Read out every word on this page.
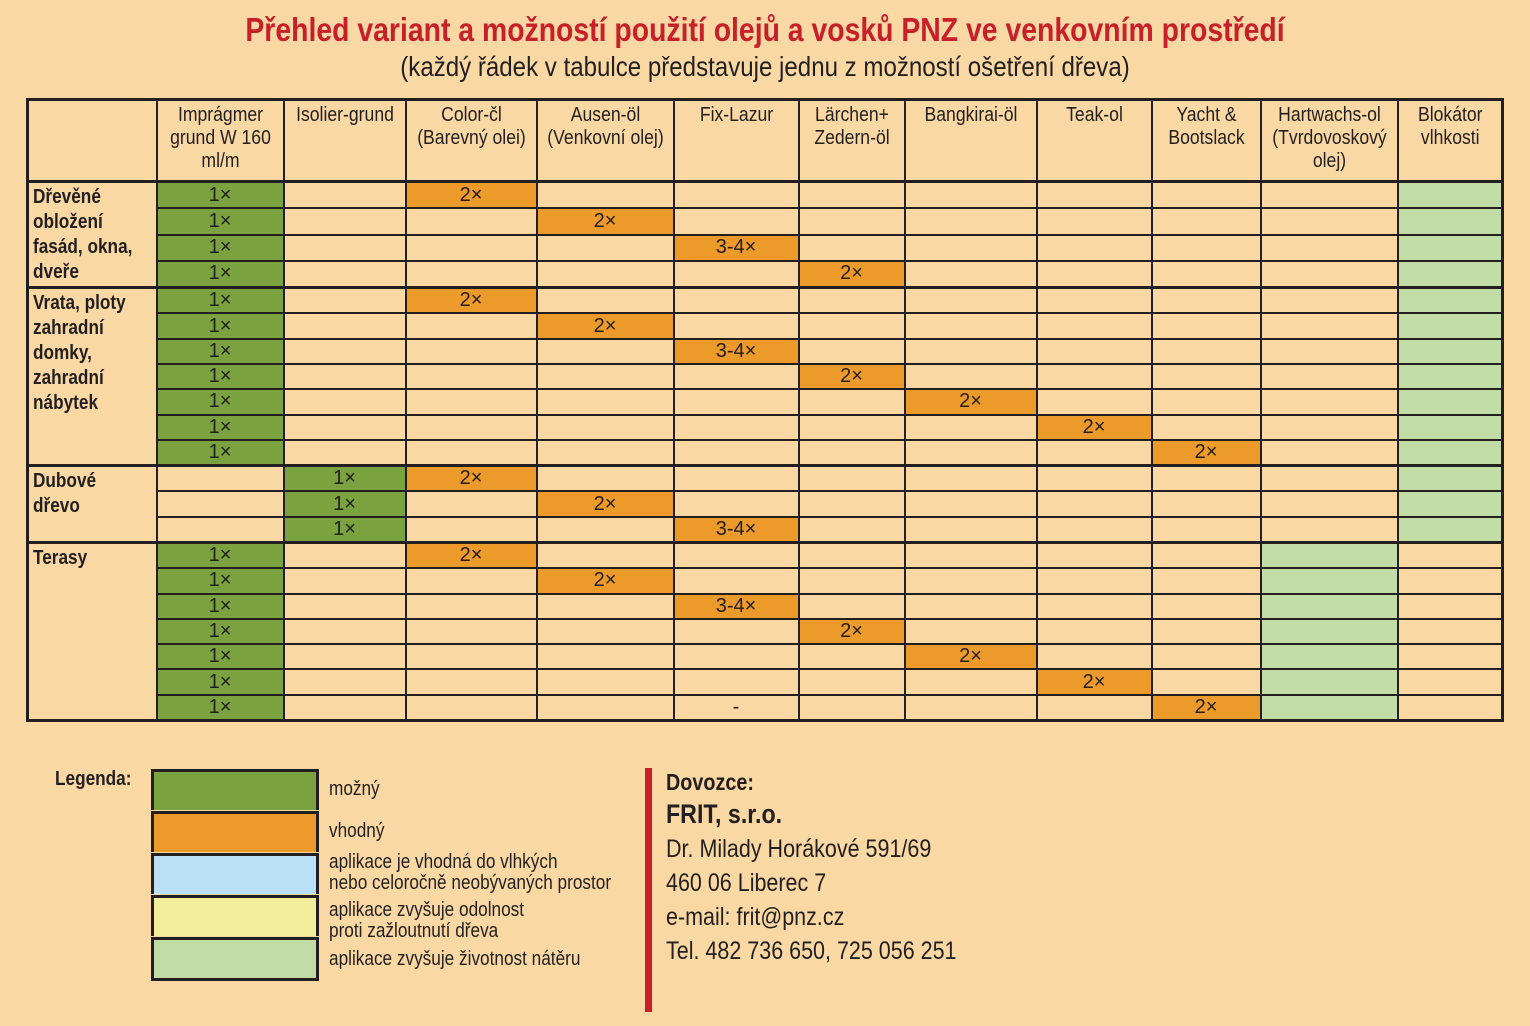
Přehled variant a možností použití olejů a vosků PNZ ve venkovním prostředí
(každý řádek v tabulce představuje jednu z možností ošetření dřeva)

	Imprágmer grund W 160 ml/m	Isolier-grund	Color-čl (Barevný olei)	Ausen-öl (Venkovní olej)	Fix-Lazur	Lärchen+ Zedern-öl	Bangkirai-öl	Teak-ol	Yacht & Bootslack	Hartwachs-ol (Tvrdovoskový olej)	Blokátor vlhkosti

Dřevěné
obložení
fasád, okna,
dveře	1×		2×								
	1×			2×							
	1×				3-4×						
	1×					2×					

Vrata, ploty
zahradní
domky,
zahradní
nábytek	1×		2×								
	1×			2×							
	1×				3-4×						
	1×					2×					
	1×						2×				
	1×							2×			
	1×								2×		

Dubové dřevo		1×	2×								
		1×		2×							
		1×			3-4×						

Terasy	1×		2×								
	1×			2×							
	1×				3-4×						
	1×					2×					
	1×						2×				
	1×							2×			
	1×				-				2×		
Legenda:	možný
vhodný
aplikace je vhodná do vlhkých
nebo celoročně neobývaných prostor
aplikace zvyšuje odolnost
proti zažloutnutí dřeva
aplikace zvyšuje životnost nátěru
Dovozce:
FRIT, s.r.o.
Dr. Milady Horákové 591/69
460 06 Liberec 7
e-mail: frit@pnz.cz
Tel. 482 736 650, 725 056 251
